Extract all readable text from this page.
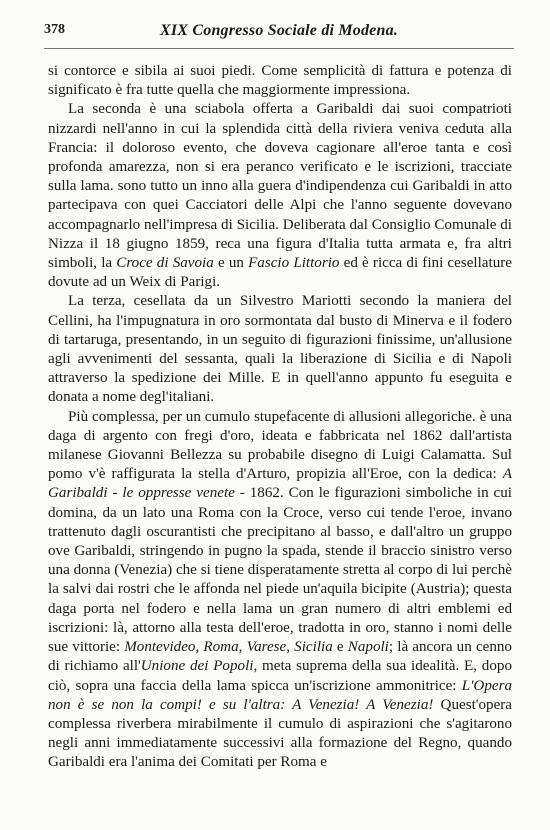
378	XIX Congresso Sociale di Modena.

si contorce e sibila ai suoi piedi. Come semplicità di fattura e potenza di significato è fra tutte quella che maggiormente impressiona.

La seconda è una sciabola offerta a Garibaldi dai suoi compatrioti nizzardi nell'anno in cui la splendida città della riviera veniva ceduta alla Francia: il doloroso evento, che doveva cagionare all'eroe tanta e così profonda amarezza, non si era peranco verificato e le iscrizioni, tracciate sulla lama. sono tutto un inno alla guera d'indipendenza cui Garibaldi in atto partecipava con quei Cacciatori delle Alpi che l'anno seguente dovevano accompagnarlo nell'impresa di Sicilia. Deliberata dal Consiglio Comunale di Nizza il 18 giugno 1859, reca una figura d'Italia tutta armata e, fra altri simboli, la Croce di Savoia e un Fascio Littorio ed è ricca di fini cesellature dovute ad un Weix di Parigi.

La terza, cesellata da un Silvestro Mariotti secondo la maniera del Cellini, ha l'impugnatura in oro sormontata dal busto di Minerva e il fodero di tartaruga, presentando, in un seguito di figurazioni finissime, un'allusione agli avvenimenti del sessanta, quali la liberazione di Sicilia e di Napoli attraverso la spedizione dei Mille. E in quell'anno appunto fu eseguita e donata a nome degl'italiani.

Più complessa, per un cumulo stupefacente di allusioni allegoriche. è una daga di argento con fregi d'oro, ideata e fabbricata nel 1862 dall'artista milanese Giovanni Bellezza su probabile disegno di Luigi Calamatta. Sul pomo v'è raffigurata la stella d'Arturo, propizia all'Eroe, con la dedica: A Garibaldi - le oppresse venete - 1862. Con le figurazioni simboliche in cui domina, da un lato una Roma con la Croce, verso cui tende l'eroe, invano trattenuto dagli oscurantisti che precipitano al basso, e dall'altro un gruppo ove Garibaldi, stringendo in pugno la spada, stende il braccio sinistro verso una donna (Venezia) che si tiene disperatamente stretta al corpo di lui perchè la salvi dai rostri che le affonda nel piede un'aquila bicipite (Austria); questa daga porta nel fodero e nella lama un gran numero di altri emblemi ed iscrizioni: là, attorno alla testa dell'eroe, tradotta in oro, stanno i nomi delle sue vittorie: Montevideo, Roma, Varese, Sicilia e Napoli; là ancora un cenno di richiamo all'Unione dei Popoli, meta suprema della sua idealità. E, dopo ciò, sopra una faccia della lama spicca un'iscrizione ammonitrice: L'Opera non è se non la compi! e su l'altra: A Venezia! A Venezia! Quest'opera complessa riverbera mirabilmente il cumulo di aspirazioni che s'agitarono negli anni immediatamente successivi alla formazione del Regno, quando Garibaldi era l'anima dei Comitati per Roma e
